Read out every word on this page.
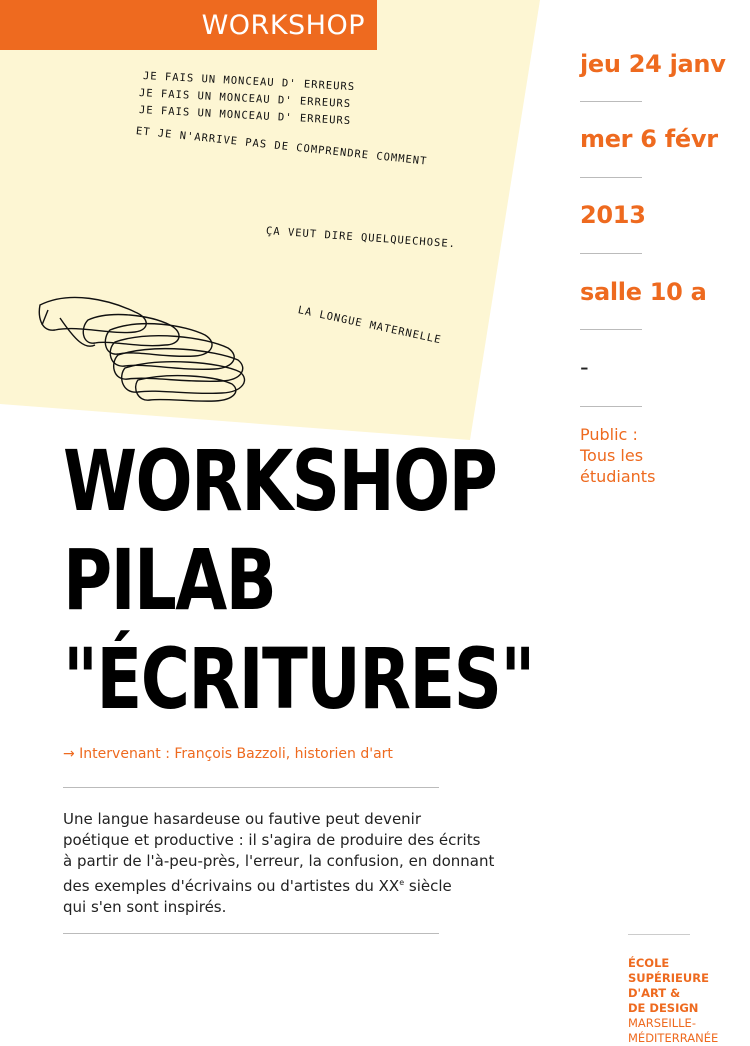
JE FAIS UN MONCEAU D' ERREURS
JE FAIS UN MONCEAU D' ERREURS
JE FAIS UN MONCEAU D' ERREURS
ET JE N'ARRIVE PAS DE COMPRENDRE COMMENT
ÇA VEUT DIRE QUELQUECHOSE.
LA LONGUE MATERNELLE
WORKSHOP
jeu 24 janv
mer 6 févr
2013
salle 10 a
-
Public :
Tous les
étudiants
WORKSHOP
PILAB
"ÉCRITURES"
→ Intervenant : François Bazzoli, historien d'art
Une langue hasardeuse ou fautive peut devenir
poétique et productive : il s'agira de produire des écrits
à partir de l'à-peu-près, l'erreur, la confusion, en donnant
des exemples d'écrivains ou d'artistes du XXe siècle
qui s'en sont inspirés.
ÉCOLE
SUPÉRIEURE
D'ART &
DE DESIGN
MARSEILLE-
MÉDITERRANÉE
